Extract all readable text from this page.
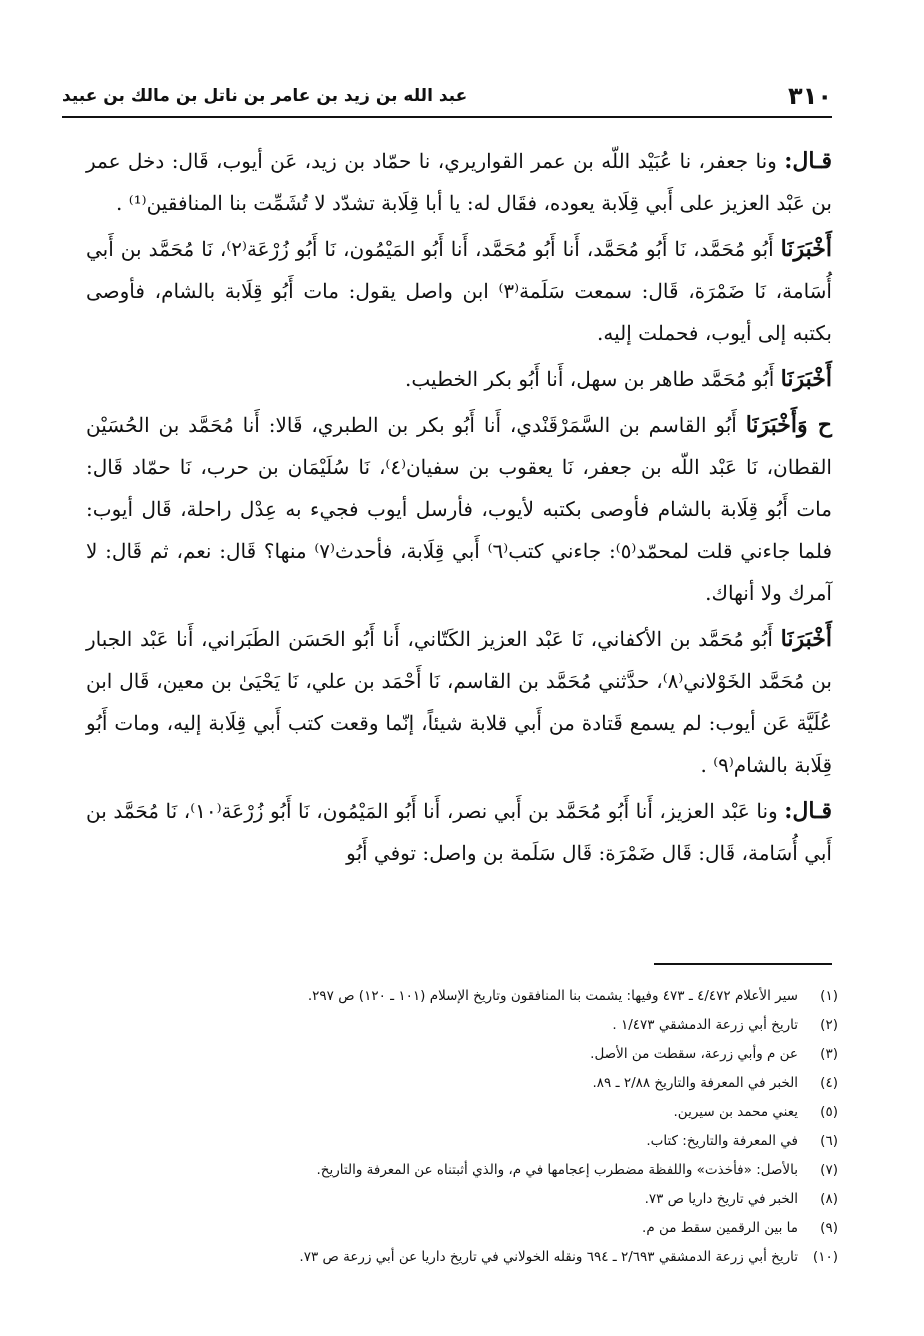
٣١٠
عبد الله بن زيد بن عامر بن ناتل بن مالك بن عبيد

قـال: ونا جعفر، نا عُبَيْد اللّه بن عمر القواريري، نا حمّاد بن زيد، عَن أيوب، قَال: دخل عمر بن عَبْد العزيز على أَبي قِلَابة يعوده، فقَال له: يا أبا قِلَابة تشدّد لا تُشَمِّت بنا المنافقين⁽¹⁾ .

أَخْبَرَنَا أَبُو مُحَمَّد، نَا أَبُو مُحَمَّد، أَنا أَبُو مُحَمَّد، أَنا أَبُو المَيْمُون، نَا أَبُو زُرْعَة⁽٢⁾، نَا مُحَمَّد بن أَبي أُسَامة، نَا ضَمْرَة، قَال: سمعت سَلَمة⁽٣⁾ ابن واصل يقول: مات أَبُو قِلَابة بالشام، فأوصى بكتبه إلى أيوب، فحملت إليه.

أَخْبَرَنَا أَبُو مُحَمَّد طاهر بن سهل، أَنا أَبُو بكر الخطيب.

ح وَأَخْبَرَنَا أَبُو القاسم بن السَّمَرْقَنْدي، أَنا أَبُو بكر بن الطبري، قَالا: أَنا مُحَمَّد بن الحُسَيْن القطان، نَا عَبْد اللّه بن جعفر، نَا يعقوب بن سفيان⁽٤⁾، نَا سُلَيْمَان بن حرب، نَا حمّاد قَال: مات أَبُو قِلَابة بالشام فأوصى بكتبه لأيوب، فأرسل أيوب فجيء به عِدْل راحلة، قَال أيوب: فلما جاءني قلت لمحمّد⁽٥⁾: جاءني كتب⁽٦⁾ أَبي قِلَابة، فأحدث⁽٧⁾ منها؟ قَال: نعم، ثم قَال: لا آمرك ولا أنهاك.

أَخْبَرَنَا أَبُو مُحَمَّد بن الأكفاني، نَا عَبْد العزيز الكَتّاني، أَنا أَبُو الحَسَن الطَبَراني، أَنا عَبْد الجبار بن مُحَمَّد الخَوْلاني⁽٨⁾، حدَّثني مُحَمَّد بن القاسم، نَا أَحْمَد بن علي، نَا يَحْيَىٰ بن معين، قَال ابن عُلَيَّة عَن أيوب: لم يسمع قَتادة من أَبي قلابة شيئاً، إنّما وقعت كتب أَبي قِلَابة إليه، ومات أَبُو قِلَابة بالشام⁽٩⁾ .

قـال: ونا عَبْد العزيز، أَنا أَبُو مُحَمَّد بن أَبي نصر، أَنا أَبُو المَيْمُون، نَا أَبُو زُرْعَة⁽١٠⁾، نَا مُحَمَّد بن أَبي أُسَامة، قَال: قَال ضَمْرَة: قَال سَلَمة بن واصل: توفي أَبُو

(١)
سير الأعلام ٤/٤٧٢ ـ ٤٧٣ وفيها: يشمت بنا المنافقون وتاريخ الإسلام (١٠١ ـ ١٢٠) ص ٢٩٧.
(٢)
تاريخ أبي زرعة الدمشقي ١/٤٧٣ .
(٣)
عن م وأبي زرعة، سقطت من الأصل.
(٤)
الخبر في المعرفة والتاريخ ٢/٨٨ ـ ٨٩.
(٥)
يعني محمد بن سيرين.
(٦)
في المعرفة والتاريخ: كتاب.
(٧)
بالأصل: «فأخذت» واللفظة مضطرب إعجامها في م، والذي أثبتناه عن المعرفة والتاريخ.
(٨)
الخبر في تاريخ داريا ص ٧٣.
(٩)
ما بين الرقمين سقط من م.
(١٠)
تاريخ أبي زرعة الدمشقي ٢/٦٩٣ ـ ٦٩٤ ونقله الخولاني في تاريخ داريا عن أبي زرعة ص ٧٣.
